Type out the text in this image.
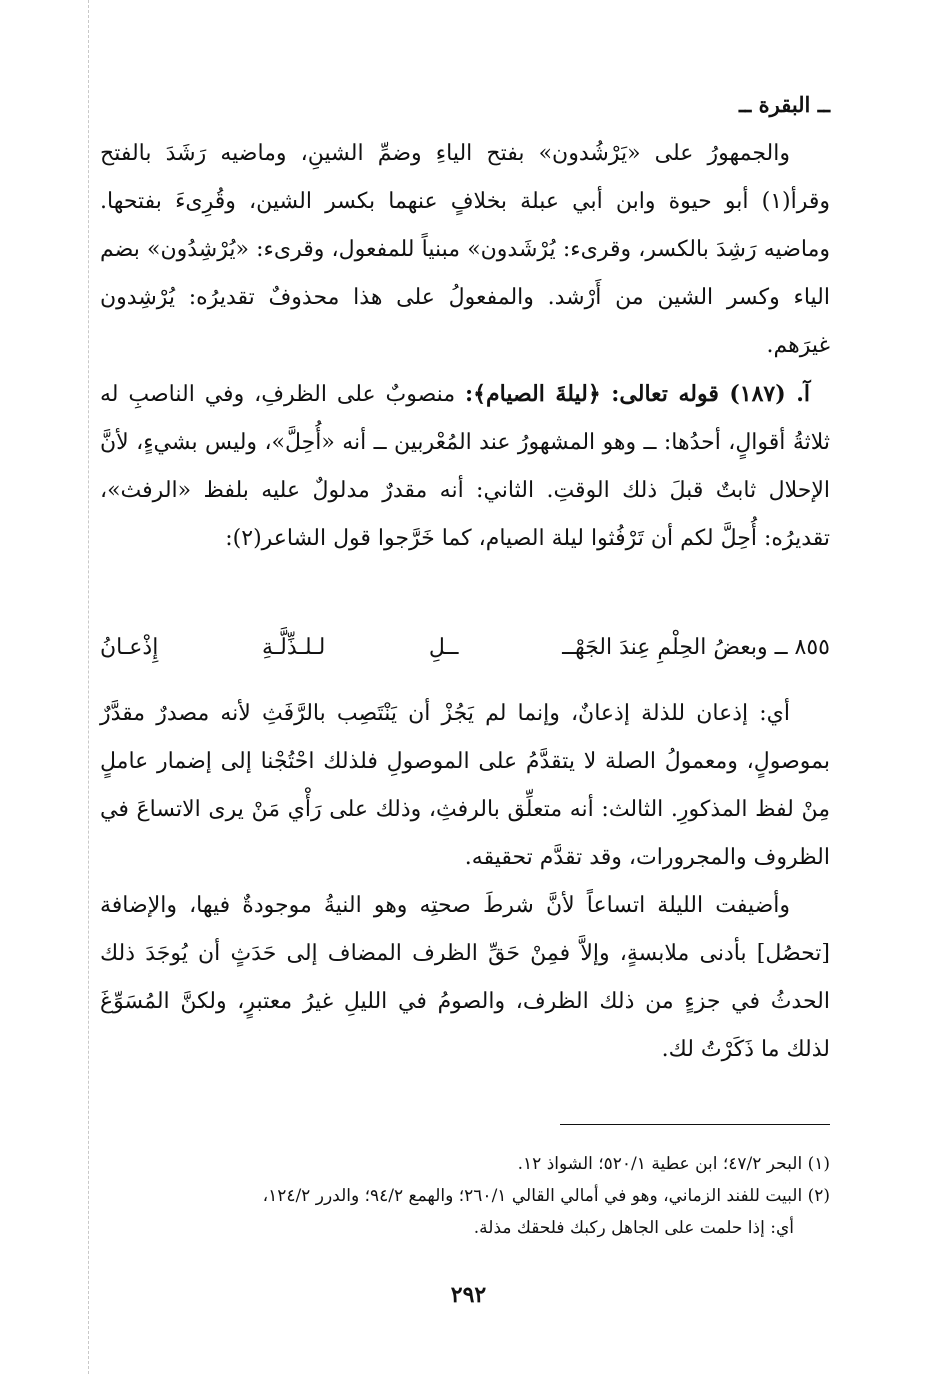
ــ البقرة ــ

والجمهورُ على «يَرْشُدون» بفتح الياءِ وضمِّ الشينِ، وماضيه رَشَدَ بالفتح وقرأ(١) أبو حيوة وابن أبي عبلة بخلافٍ عنهما بكسر الشين، وقُرِىءَ بفتحها. وماضيه رَشِدَ بالكسر، وقرىء: يُرْشَدون» مبنياً للمفعول، وقرىء: «يُرْشِدُون» بضم الياء وكسر الشين من أَرْشد. والمفعولُ على هذا محذوفٌ تقديرُه: يُرْشِدون غيرَهم.

آ. (١٨٧) قوله تعالى: ﴿ليلةَ الصيام﴾: منصوبٌ على الظرفِ، وفي الناصبِ له ثلاثةُ أقوالٍ، أحدُها: ــ وهو المشهورُ عند المُعْربين ــ أنه «أُحِلَّ»، وليس بشيءٍ، لأنَّ الإحلال ثابتٌ قبلَ ذلك الوقتِ. الثاني: أنه مقدرٌ مدلولٌ عليه بلفظ «الرفث»، تقديرُه: أُحِلَّ لكم أن تَرْفُثوا ليلة الصيام، كما خَرَّجوا قول الشاعر(٢):

٨٥٥ ــ وبعضُ الحِلْمِ عِندَ الجَهْــ
ــلِ
لـلـذِّلَّـةِ
إِذْعـانُ

أي: إذعان للذلة إذعانٌ، وإنما لم يَجُزْ أن يَنْتَصِب بالرَّفَثِ لأنه مصدرٌ مقدَّرٌ بموصولٍ، ومعمولُ الصلة لا يتقدَّمُ على الموصولِ فلذلك احْتُجْنا إلى إضمار عاملٍ مِنْ لفظ المذكورِ. الثالث: أنه متعلِّق بالرفثِ، وذلك على رَأْي مَنْ يرى الاتساعَ في الظروف والمجرورات، وقد تقدَّم تحقيقه.

وأضيفت الليلة اتساعاً لأنَّ شرطَ صحتِه وهو النيةُ موجودةٌ فيها، والإضافة [تحصُل] بأدنى ملابسةٍ، وإلاَّ فمِنْ حَقِّ الظرف المضاف إلى حَدَثٍ أن يُوجَدَ ذلك الحدثُ في جزءٍ من ذلك الظرف، والصومُ في الليلِ غيرُ معتبرٍ، ولكنَّ المُسَوِّغَ لذلك ما ذَكَرْتُ لك.

(١) البحر ٤٧/٢؛ ابن عطية ٥٢٠/١؛ الشواذ ١٢.

(٢) البيت للفند الزماني، وهو في أمالي القالي ٢٦٠/١؛ والهمع ٩٤/٢؛ والدرر ١٢٤/٢،

أي: إذا حلمت على الجاهل ركبك فلحقك مذلة.

٢٩٢
